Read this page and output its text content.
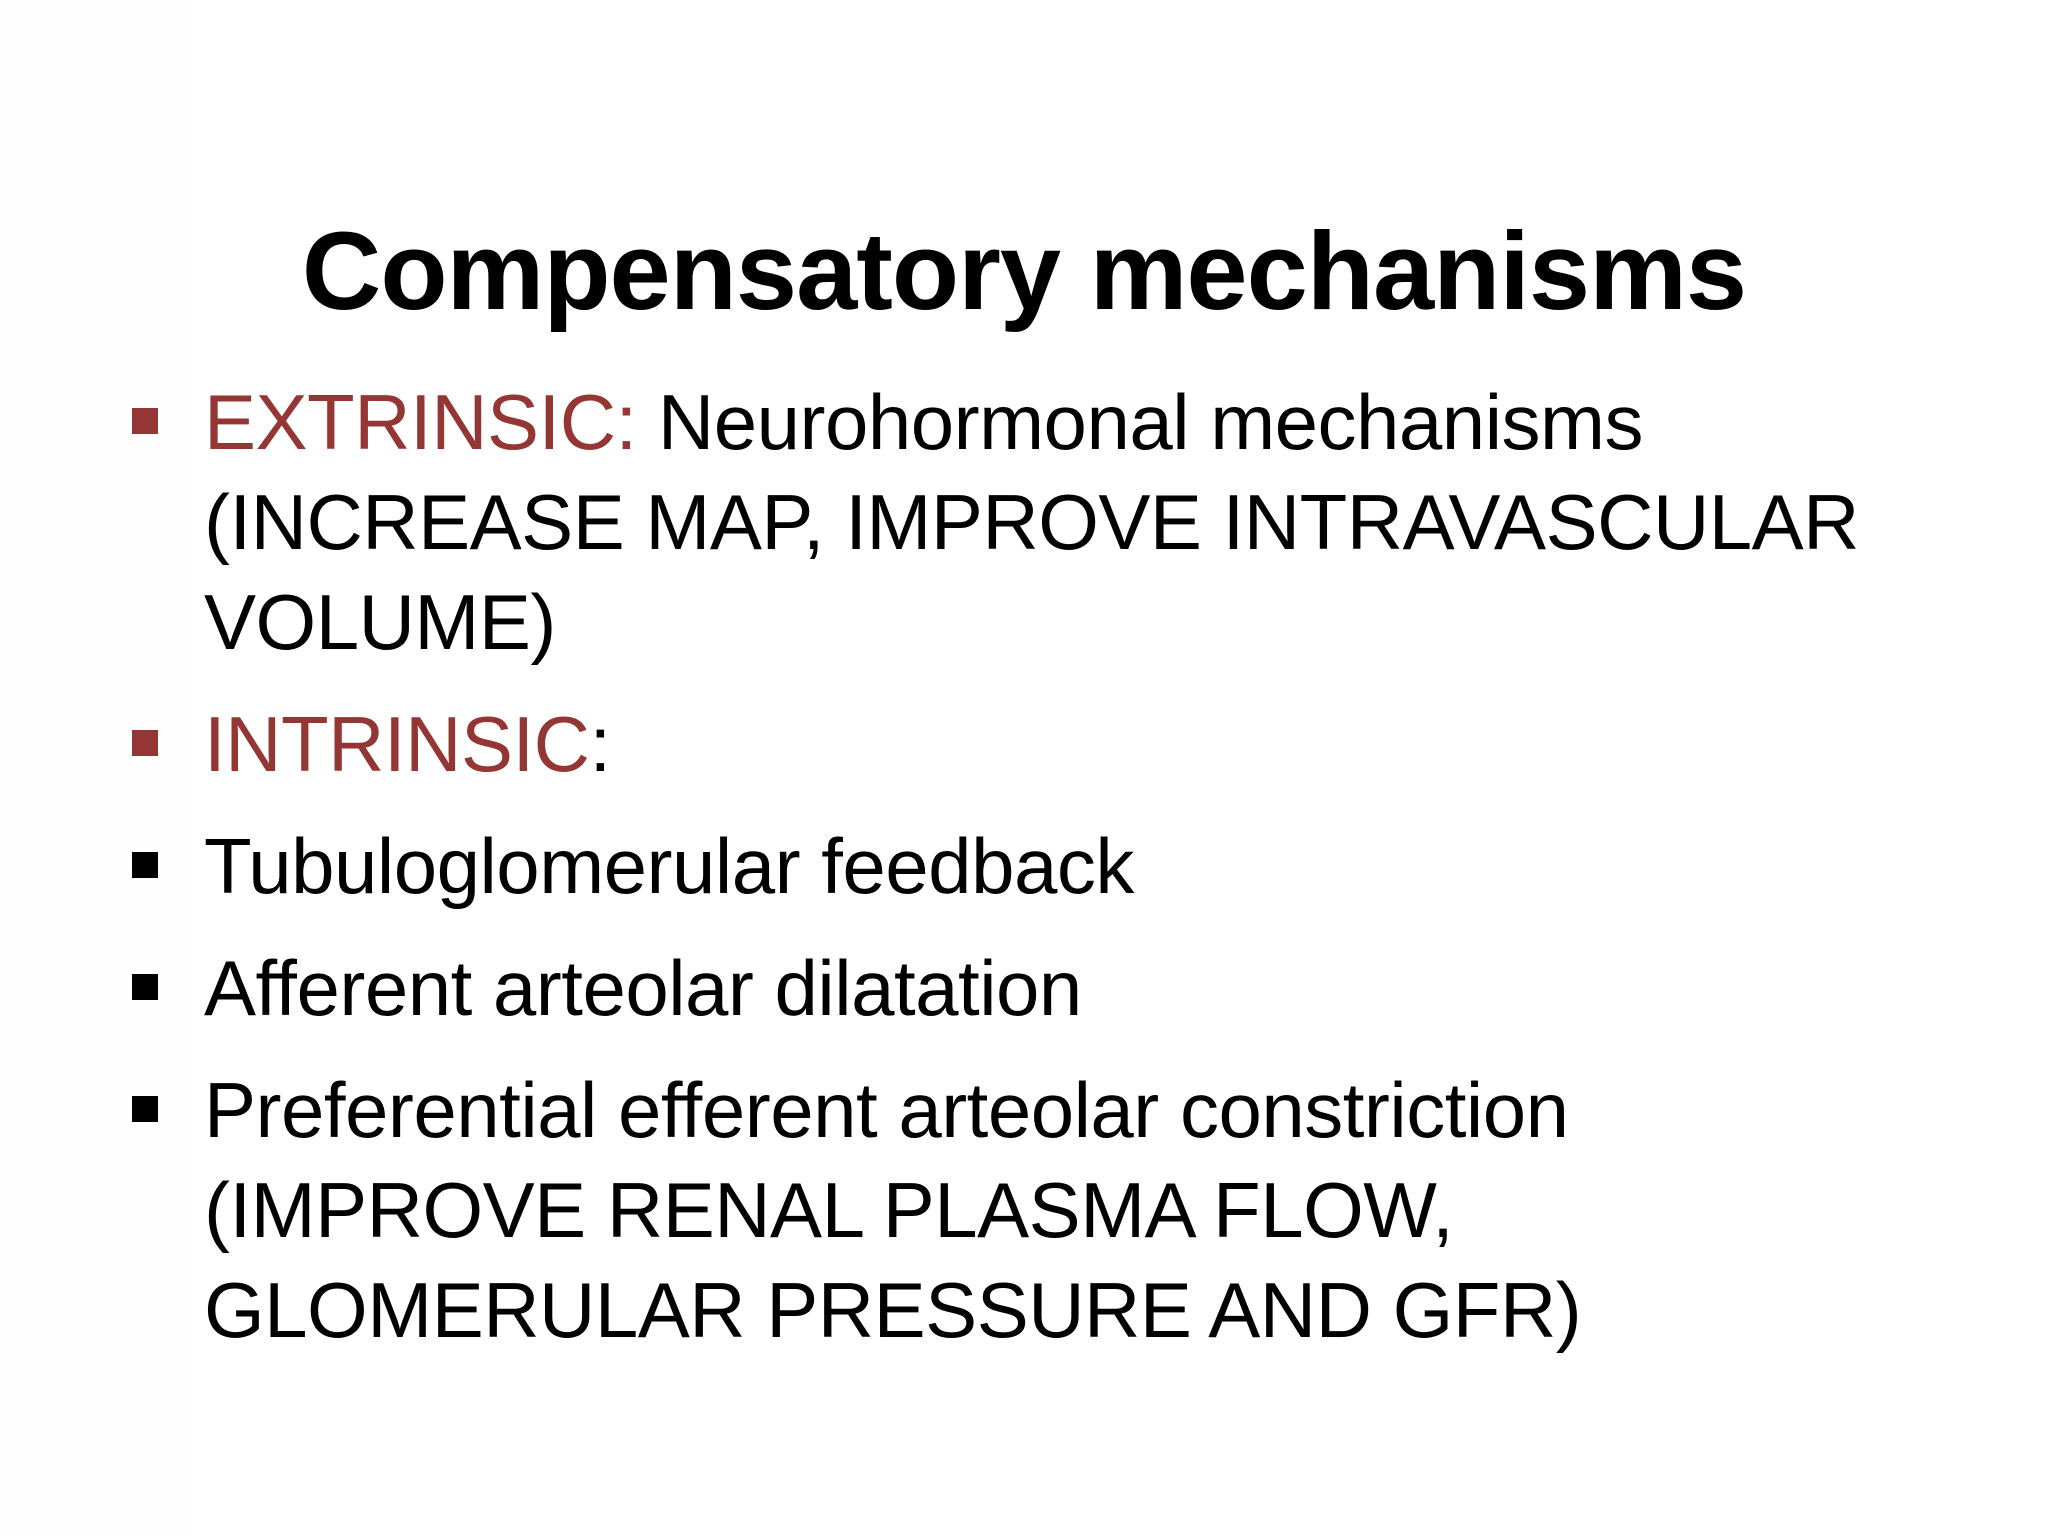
Compensatory mechanisms
EXTRINSIC: Neurohormonal mechanisms (INCREASE MAP, IMPROVE INTRAVASCULAR VOLUME)
INTRINSIC:
Tubuloglomerular feedback
Afferent arteolar dilatation
Preferential efferent arteolar constriction (IMPROVE RENAL PLASMA FLOW, GLOMERULAR PRESSURE AND GFR)
